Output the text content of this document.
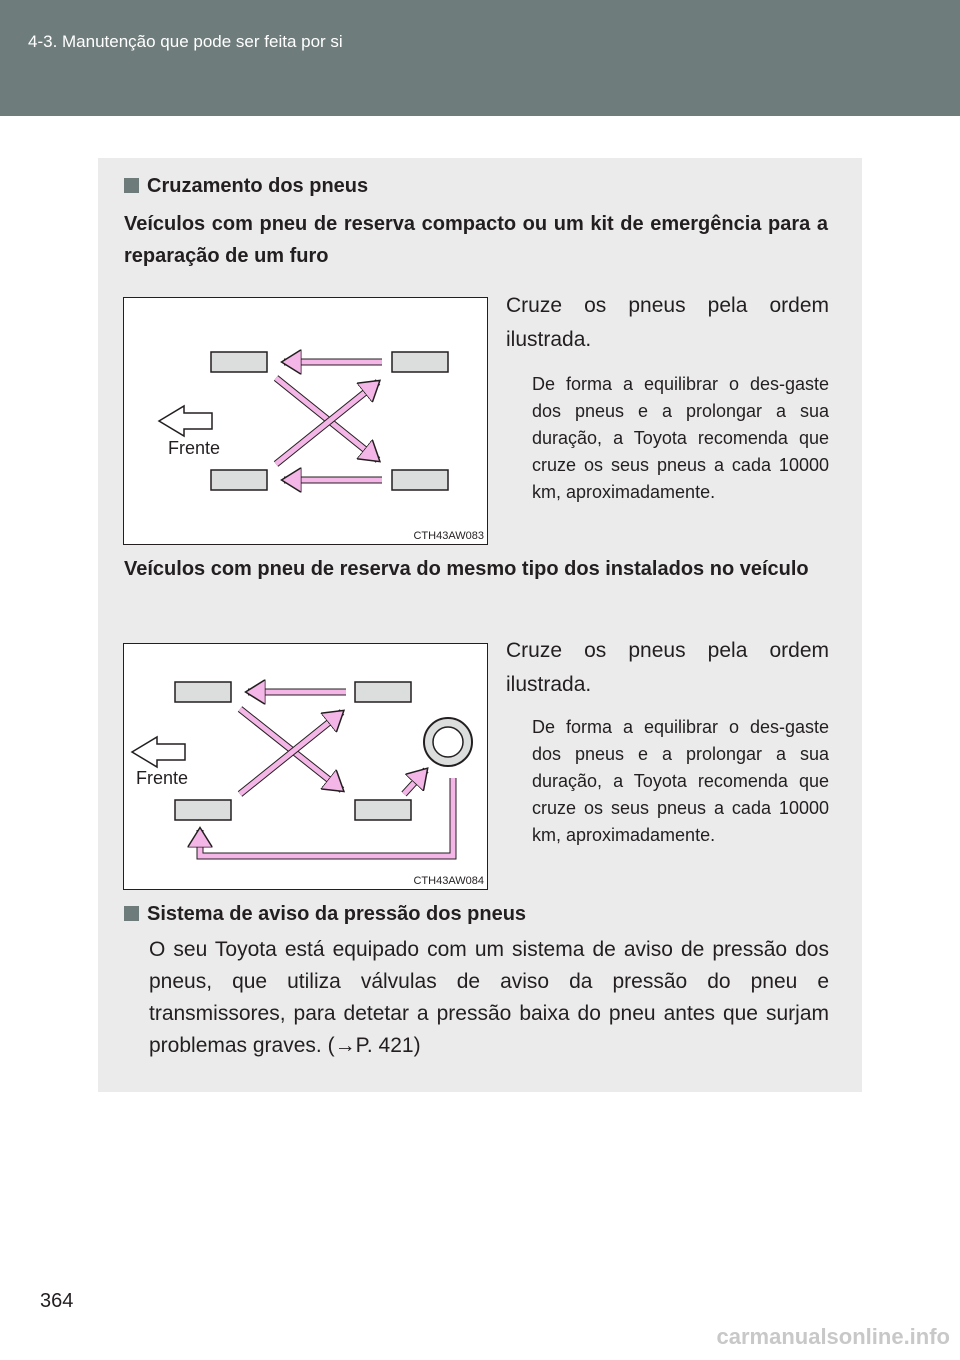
4-3. Manutenção que pode ser feita por si
Cruzamento dos pneus
Veículos com pneu de reserva compacto ou um kit de emergência para a reparação de um furo
Frente
CTH43AW083
Cruze os pneus pela ordem ilustrada.
De forma a equilibrar o des-gaste dos pneus e a prolongar a sua duração, a Toyota recomenda que cruze os seus pneus a cada 10000 km, aproximadamente.
Veículos com pneu de reserva do mesmo tipo dos instalados no veículo
Frente
CTH43AW084
Cruze os pneus pela ordem ilustrada.
De forma a equilibrar o des-gaste dos pneus e a prolongar a sua duração, a Toyota recomenda que cruze os seus pneus a cada 10000 km, aproximadamente.
Sistema de aviso da pressão dos pneus
O seu Toyota está equipado com um sistema de aviso de pressão dos pneus, que utiliza válvulas de aviso da pressão do pneu e transmissores, para detetar a pressão baixa do pneu antes que surjam problemas graves. (→P. 421)
364
carmanualsonline.info
